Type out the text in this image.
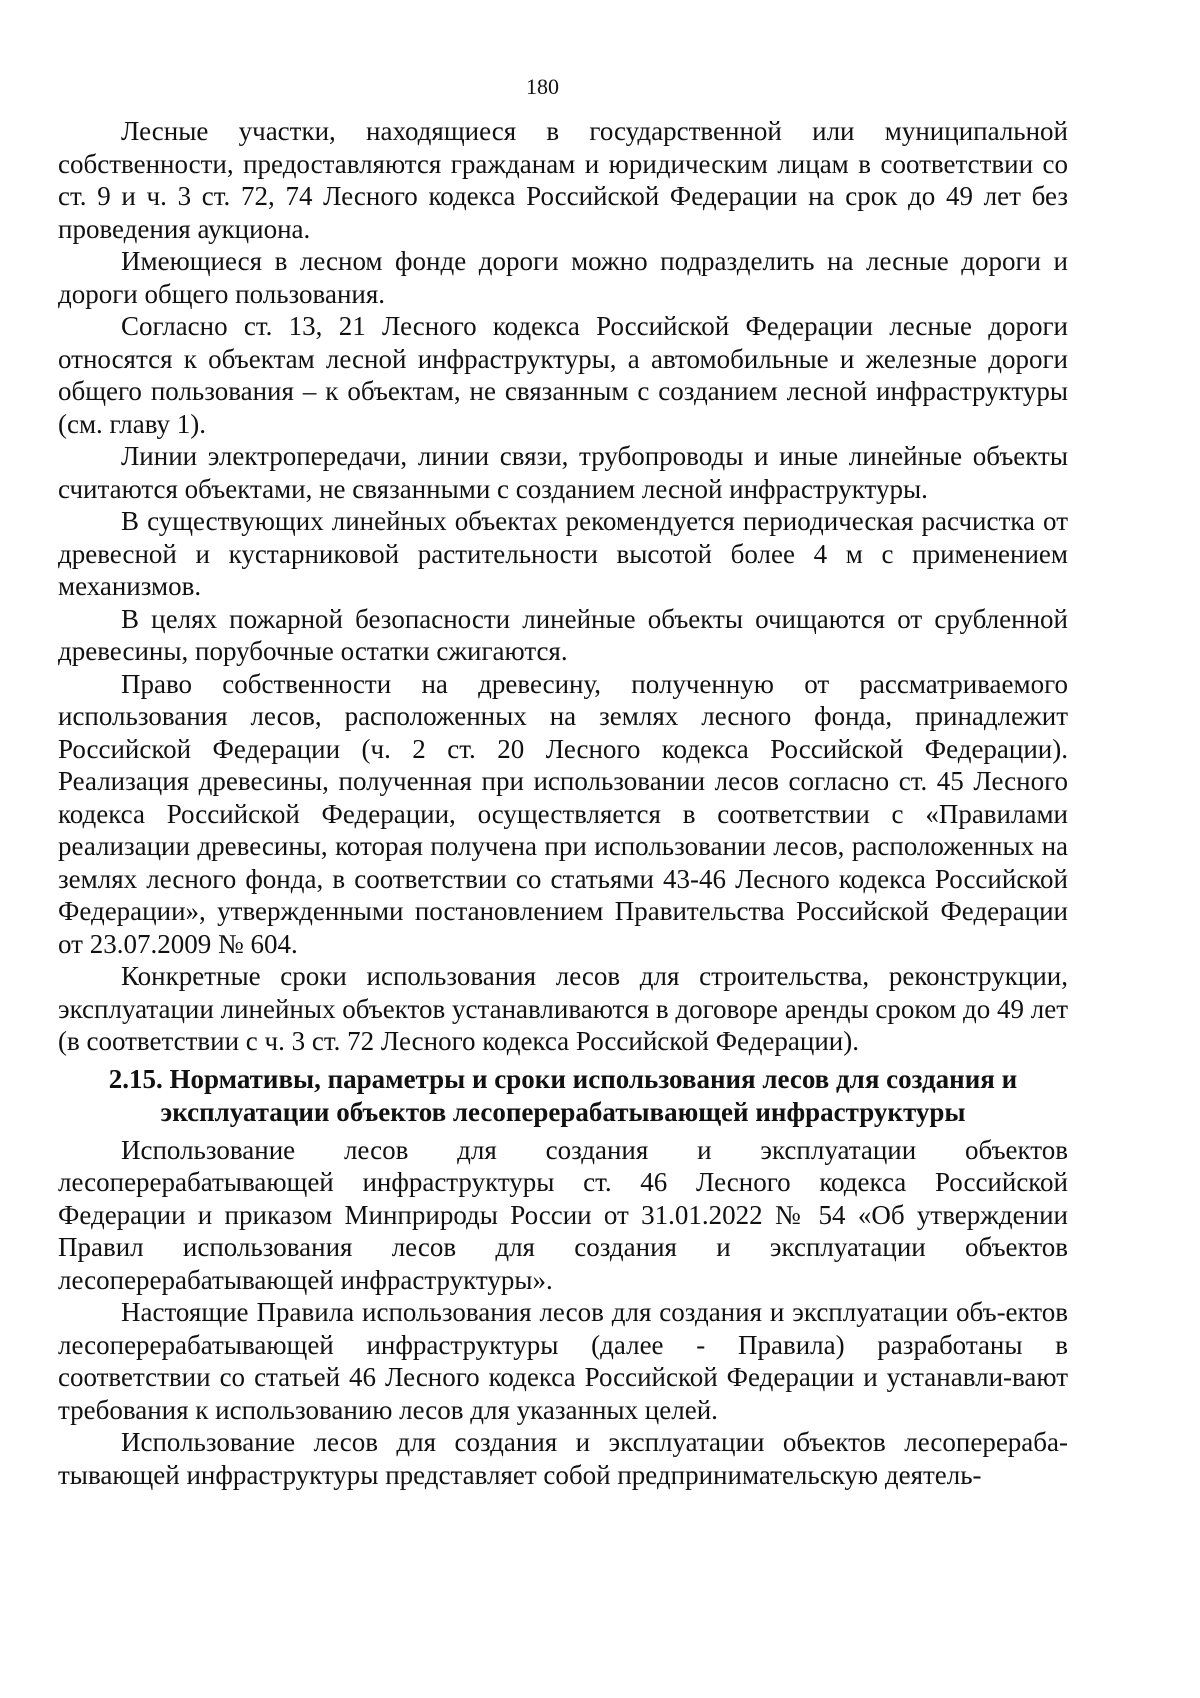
180

Лесные участки, находящиеся в государственной или муниципальной собственности, предоставляются гражданам и юридическим лицам в соответствии со ст. 9 и ч. 3 ст. 72, 74 Лесного кодекса Российской Федерации на срок до 49 лет без проведения аукциона.

Имеющиеся в лесном фонде дороги можно подразделить на лесные дороги и дороги общего пользования.

Согласно ст. 13, 21 Лесного кодекса Российской Федерации лесные дороги относятся к объектам лесной инфраструктуры, а автомобильные и железные дороги общего пользования – к объектам, не связанным с созданием лесной инфраструктуры (см. главу 1).

Линии электропередачи, линии связи, трубопроводы и иные линейные объекты считаются объектами, не связанными с созданием лесной инфраструктуры.

В существующих линейных объектах рекомендуется периодическая расчистка от древесной и кустарниковой растительности высотой более 4 м с применением механизмов.

В целях пожарной безопасности линейные объекты очищаются от срубленной древесины, порубочные остатки сжигаются.

Право собственности на древесину, полученную от рассматриваемого использования лесов, расположенных на землях лесного фонда, принадлежит Российской Федерации (ч. 2 ст. 20 Лесного кодекса Российской Федерации). Реализация древесины, полученная при использовании лесов согласно ст. 45 Лесного кодекса Российской Федерации, осуществляется в соответствии с «Правилами реализации древесины, которая получена при использовании лесов, расположенных на землях лесного фонда, в соответствии со статьями 43-46 Лесного кодекса Российской Федерации», утвержденными постановлением Правительства Российской Федерации от 23.07.2009 № 604.

Конкретные сроки использования лесов для строительства, реконструкции, эксплуатации линейных объектов устанавливаются в договоре аренды сроком до 49 лет (в соответствии с ч. 3 ст. 72 Лесного кодекса Российской Федерации).

2.15. Нормативы, параметры и сроки использования лесов для создания и
эксплуатации объектов лесоперерабатывающей инфраструктуры

Использование лесов для создания и эксплуатации объектов лесоперерабатывающей инфраструктуры ст. 46 Лесного кодекса Российской Федерации и приказом Минприроды России от 31.01.2022 № 54 «Об утверждении Правил использования лесов для создания и эксплуатации объектов лесоперерабатывающей инфраструктуры».

Настоящие Правила использования лесов для создания и эксплуатации объ-ектов лесоперерабатывающей инфраструктуры (далее - Правила) разработаны в соответствии со статьей 46 Лесного кодекса Российской Федерации и устанавли-вают требования к использованию лесов для указанных целей.

Использование лесов для создания и эксплуатации объектов лесоперераба-тывающей инфраструктуры представляет собой предпринимательскую деятель-
